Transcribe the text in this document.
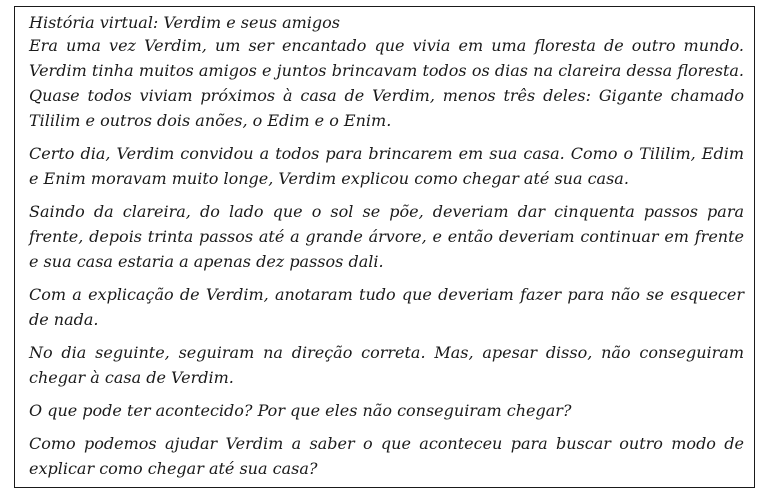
História virtual: Verdim e seus amigos

Era uma vez Verdim, um ser encantado que vivia em uma floresta de outro mundo. Verdim tinha muitos amigos e juntos brincavam todos os dias na clareira dessa floresta. Quase todos viviam próximos à casa de Verdim, menos três deles: Gigante chamado Tililim e outros dois anões, o Edim e o Enim.

Certo dia, Verdim convidou a todos para brincarem em sua casa. Como o Tililim, Edim e Enim moravam muito longe, Verdim explicou como chegar até sua casa.

Saindo da clareira, do lado que o sol se põe, deveriam dar cinquenta passos para frente, depois trinta passos até a grande árvore, e então deveriam continuar em frente e sua casa estaria a apenas dez passos dali.

Com a explicação de Verdim, anotaram tudo que deveriam fazer para não se esquecer de nada.

No dia seguinte, seguiram na direção correta. Mas, apesar disso, não conseguiram chegar à casa de Verdim.

O que pode ter acontecido? Por que eles não conseguiram chegar?

Como podemos ajudar Verdim a saber o que aconteceu para buscar outro modo de explicar como chegar até sua casa?
